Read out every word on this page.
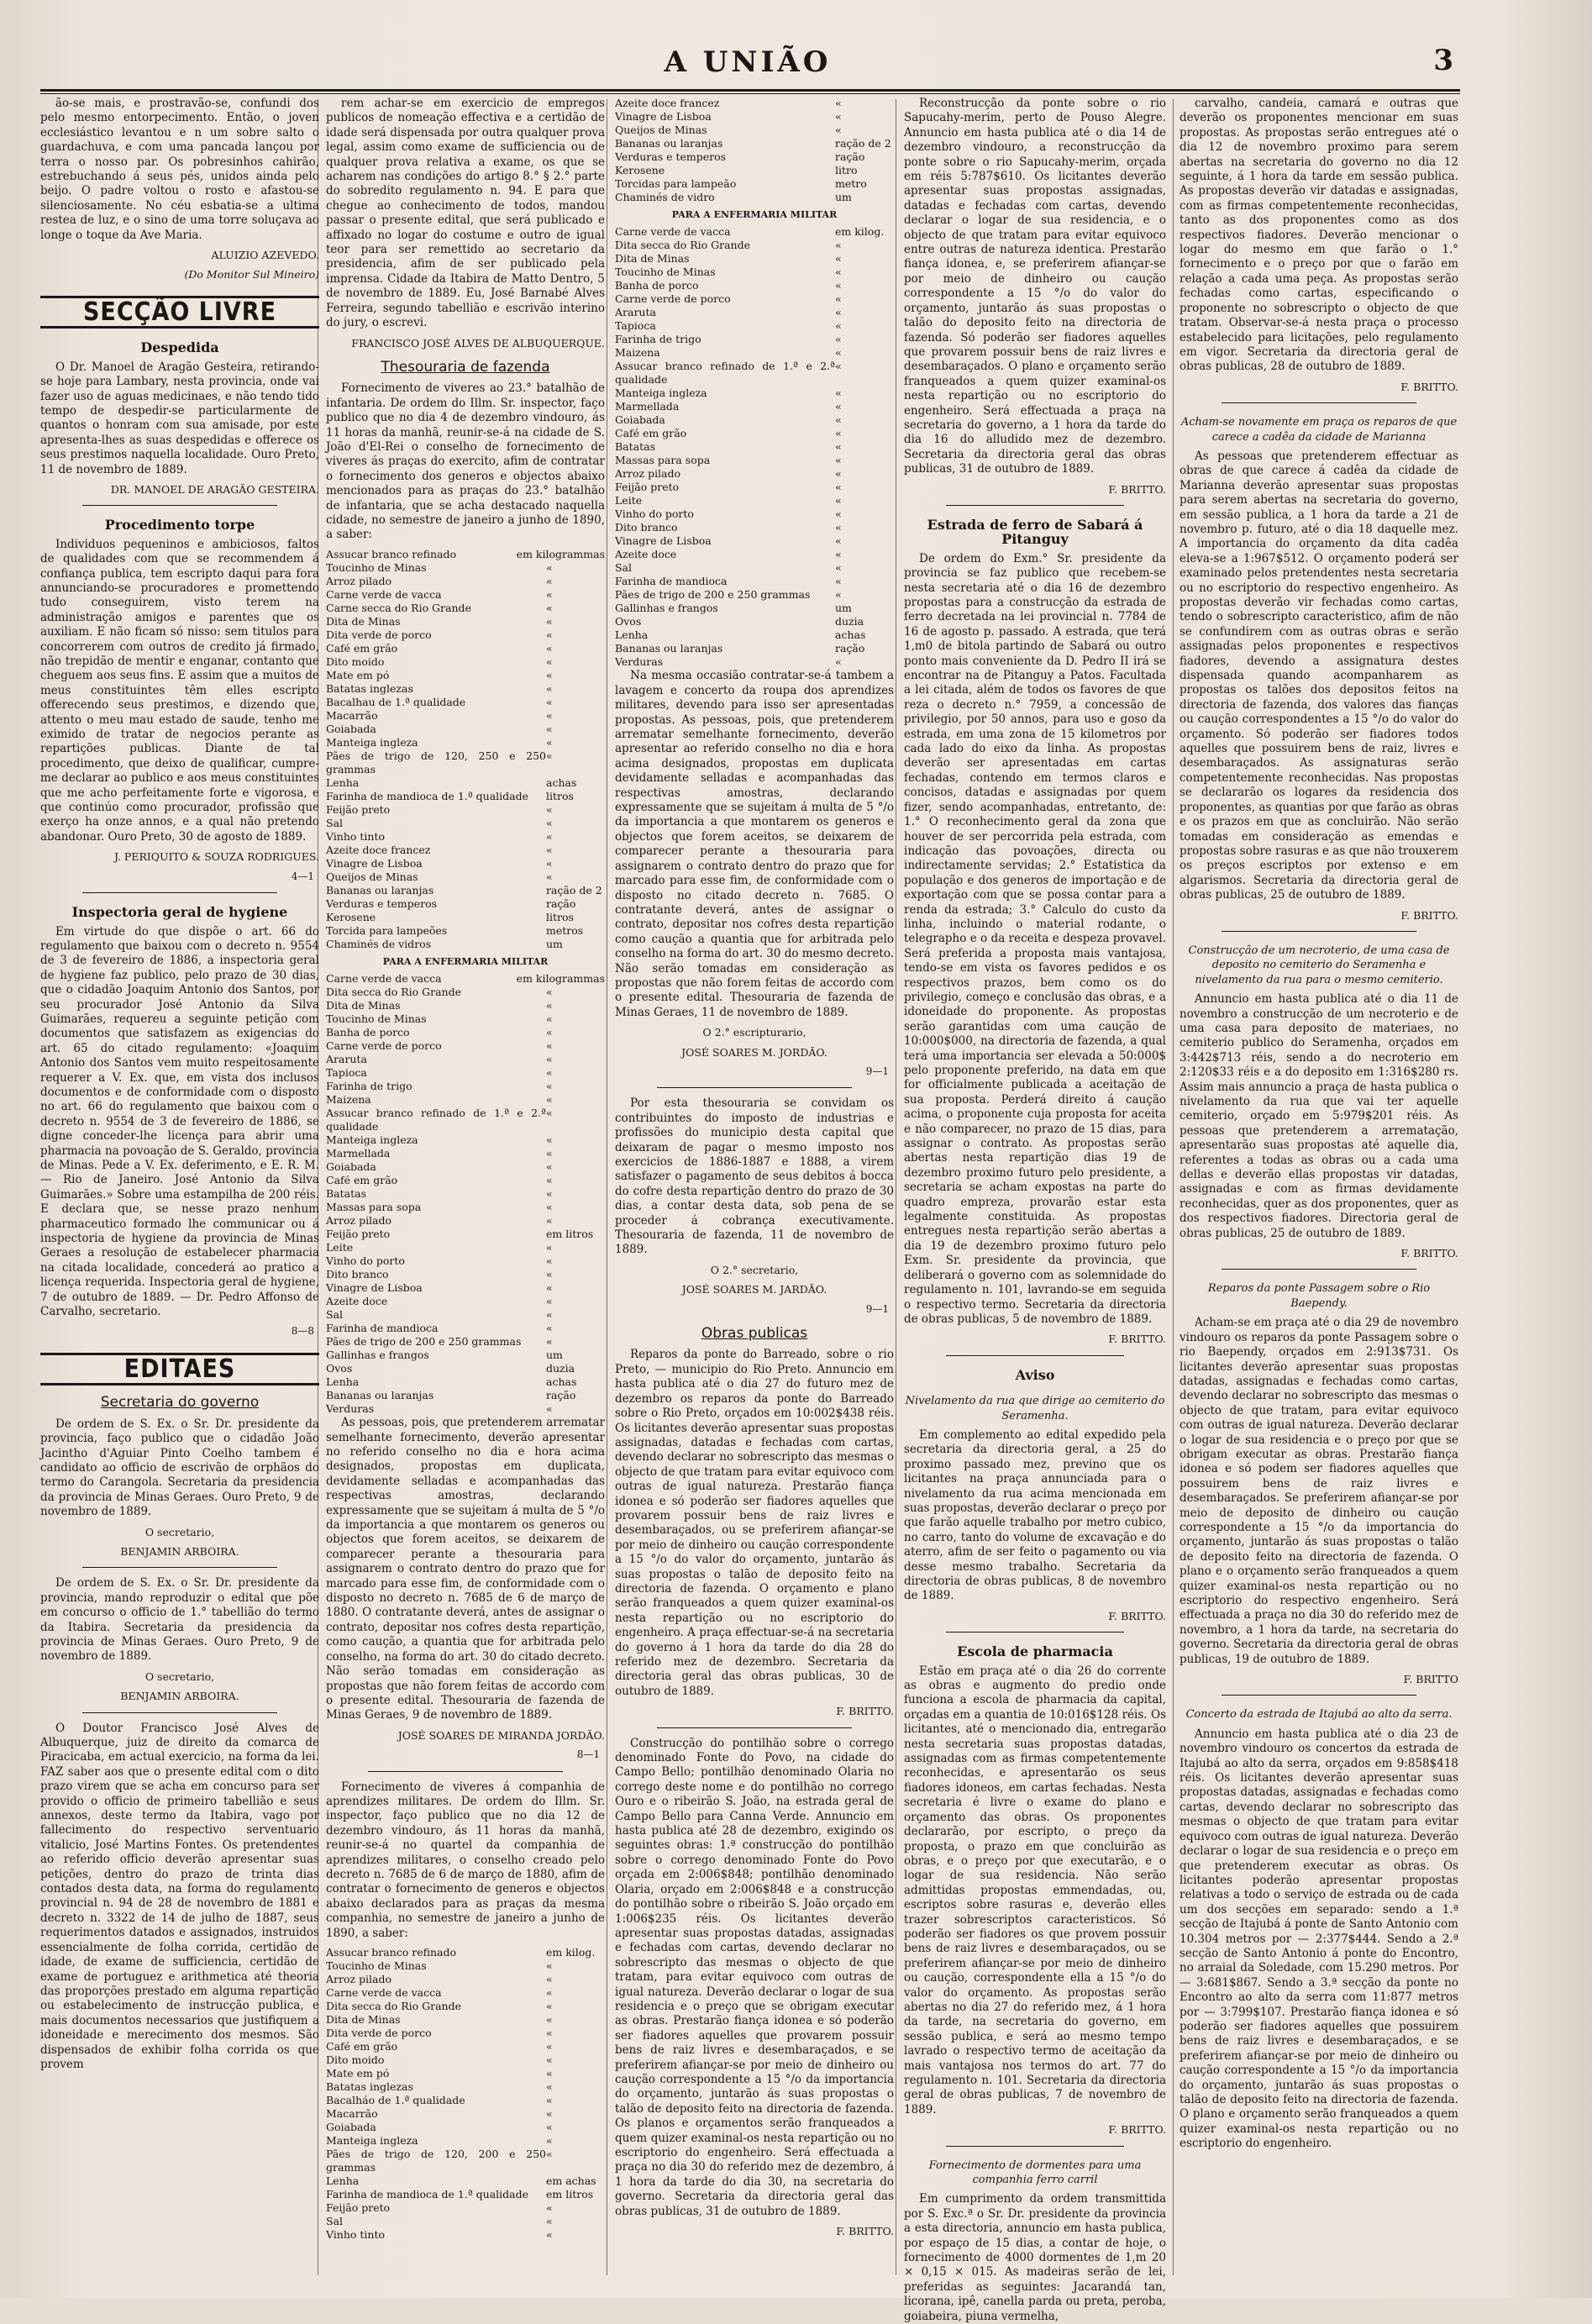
A UNIÃO	3

ão-se mais, e prostravão-se, confundi dos pelo mesmo entorpecimento. Então, o joven ecclesiástico levantou e n um sobre salto o guardachuva, e com uma pancada lançou por terra o nosso par. Os pobresinhos cahirão, estrebuchando á seus pés, unidos ainda pelo beijo. O padre voltou o rosto e afastou-se silenciosamente. No céu esbatia-se a ultima restea de luz, e o sino de uma torre soluçava ao longe o toque da Ave Maria.

ALUIZIO AZEVEDO.
(Do Monitor Sul Mineiro)
SECÇÃO LIVRE
Despedida

O Dr. Manoel de Aragão Gesteira, retirando-se hoje para Lambary, nesta provincia, onde vai fazer uso de aguas medicinaes, e não tendo tido tempo de despedir-se particularmente de quantos o honram com sua amisade, por este apresenta-lhes as suas despedidas e offerece os seus prestimos naquella localidade. Ouro Preto, 11 de novembro de 1889.

DR. MANOEL DE ARAGÃO GESTEIRA.
Procedimento torpe

Individuos pequeninos e ambiciosos, faltos de qualidades com que se recommendem á confiança publica, tem escripto daqui para fora annunciando-se procuradores e promettendo tudo conseguirem, visto terem na administração amigos e parentes que os auxiliam. E não ficam só nisso: sem titulos para concorrerem com outros de credito já firmado, não trepidão de mentir e enganar, contanto que cheguem aos seus fins. E assim que a muitos de meus constituintes têm elles escripto offerecendo seus prestimos, e dizendo que, attento o meu mau estado de saude, tenho me eximido de tratar de negocios perante as repartições publicas. Diante de tal procedimento, que deixo de qualificar, cumpre-me declarar ao publico e aos meus constituintes que me acho perfeitamente forte e vigorosa, e que continúo como procurador, profissão que exerço ha onze annos, e a qual não pretendo abandonar. Ouro Preto, 30 de agosto de 1889.

J. PERIQUITO & SOUZA RODRIGUES.
4—1
Inspectoria geral de hygiene

Em virtude do que dispõe o art. 66 do regulamento que baixou com o decreto n. 9554 de 3 de fevereiro de 1886, a inspectoria geral de hygiene faz publico, pelo prazo de 30 dias, que o cidadão Joaquim Antonio dos Santos, por seu procurador José Antonio da Silva Guimarães, requereu a seguinte petição com documentos que satisfazem as exigencias do art. 65 do citado regulamento: «Joaquim Antonio dos Santos vem muito respeitosamente requerer a V. Ex. que, em vista dos inclusos documentos e de conformidade com o disposto no art. 66 do regulamento que baixou com o decreto n. 9554 de 3 de fevereiro de 1886, se digne conceder-lhe licença para abrir uma pharmacia na povoação de S. Geraldo, provincia de Minas. Pede a V. Ex. deferimento, e E. R. M. — Rio de Janeiro. José Antonio da Silva Guimarães.» Sobre uma estampilha de 200 réis. E declara que, se nesse prazo nenhum pharmaceutico formado lhe communicar ou á inspectoria de hygiene da provincia de Minas Geraes a resolução de estabelecer pharmacia na citada localidade, concederá ao pratico a licença requerida. Inspectoria geral de hygiene, 7 de outubro de 1889. — Dr. Pedro Affonso de Carvalho, secretario.

8—8
EDITAES
Secretaria do governo

De ordem de S. Ex. o Sr. Dr. presidente da provincia, faço publico que o cidadão João Jacintho d'Aguiar Pinto Coelho tambem é candidato ao officio de escrivão de orphãos do termo do Carangola. Secretaria da presidencia da provincia de Minas Geraes. Ouro Preto, 9 de novembro de 1889.

O secretario,
BENJAMIN ARBOIRA.

De ordem de S. Ex. o Sr. Dr. presidente da provincia, mando reproduzir o edital que põe em concurso o officio de 1.° tabellião do termo da Itabira. Secretaria da presidencia da provincia de Minas Geraes. Ouro Preto, 9 de novembro de 1889.

O secretario,
BENJAMIN ARBOIRA.

O Doutor Francisco José Alves de Albuquerque, juiz de direito da comarca de Piracicaba, em actual exercicio, na forma da lei. FAZ saber aos que o presente edital com o dito prazo virem que se acha em concurso para ser provido o officio de primeiro tabellião e seus annexos, deste termo da Itabira, vago por fallecimento do respectivo serventuario vitalicio, José Martins Fontes. Os pretendentes ao referido officio deverão apresentar suas petições, dentro do prazo de trinta dias contados desta data, na forma do regulamento provincial n. 94 de 28 de novembro de 1881 e decreto n. 3322 de 14 de julho de 1887, seus requerimentos datados e assignados, instruidos essencialmente de folha corrida, certidão de idade, de exame de sufficiencia, certidão de exame de portuguez e arithmetica até theoria das proporções prestado em alguma repartição ou estabelecimento de instrucção publica, e mais documentos necessarios que justifiquem a idoneidade e merecimento dos mesmos. São dispensados de exhibir folha corrida os que provem

rem achar-se em exercicio de empregos publicos de nomeação effectiva e a certidão de idade será dispensada por outra qualquer prova legal, assim como exame de sufficiencia ou de qualquer prova relativa a exame, os que se acharem nas condições do artigo 8.° § 2.° parte do sobredito regulamento n. 94. E para que chegue ao conhecimento de todos, mandou passar o presente edital, que será publicado e affixado no logar do costume e outro de igual teor para ser remettido ao secretario da presidencia, afim de ser publicado pela imprensa. Cidade da Itabira de Matto Dentro, 5 de novembro de 1889. Eu, José Barnabé Alves Ferreira, segundo tabellião e escrivão interino do jury, o escrevi.

FRANCISCO JOSÉ ALVES DE ALBUQUERQUE.
Thesouraria de fazenda

Fornecimento de viveres ao 23.° batalhão de infantaria. De ordem do Illm. Sr. inspector, faço publico que no dia 4 de dezembro vindouro, ás 11 horas da manhã, reunir-se-á na cidade de S. João d'El-Rei o conselho de fornecimento de viveres ás praças do exercito, afim de contratar o fornecimento dos generos e objectos abaixo mencionados para as praças do 23.° batalhão de infantaria, que se acha destacado naquella cidade, no semestre de janeiro a junho de 1890, a saber:

Assucar branco refinado	em kilogrammas
Toucinho de Minas	«
Arroz pilado	«
Carne verde de vacca	«
Carne secca do Rio Grande	«
Dita de Minas	«
Dita verde de porco	«
Café em grão	«
Dito moido	«
Mate em pó	«
Batatas inglezas	«
Bacalhau de 1.ª qualidade	«
Macarrão	«
Goiabada	«
Manteiga ingleza	«
Pães de trigo de 120, 250 e 250 grammas
«
Lenha	achas
Farinha de mandioca de 1.ª qualidade litros
Feijão preto	«
Sal	«
Vinho tinto	«
Azeite doce francez	«
Vinagre de Lisboa	«
Queijos de Minas	«
Bananas ou laranjas	ração de 2
Verduras e temperos	ração
Kerosene	litros
Torcida para lampeões	metros
Chaminés de vidros	um
PARA A ENFERMARIA MILITAR
Carne verde de vacca	em kilogrammas
Dita secca do Rio Grande	«
Dita de Minas	«
Toucinho de Minas	«
Banha de porco	«
Carne verde de porco	«
Araruta	«
Tapioca	«
Farinha de trigo	«
Maizena	«
Assucar branco refinado de 1.ª e 2.ª qualidade
«
Manteiga ingleza	«
Marmellada	«
Goiabada	«
Café em grão	«
Batatas	«
Massas para sopa	«
Arroz pilado	«
Feijão preto	em litros
Leite	«
Vinho do porto	«
Dito branco	«
Vinagre de Lisboa	«
Azeite doce	«
Sal	«
Farinha de mandioca	«
Pães de trigo de 200 e 250 grammas «
Gallinhas e frangos	um
Ovos	duzia
Lenha	achas
Bananas ou laranjas	ração
Verduras	«

As pessoas, pois, que pretenderem arrematar semelhante fornecimento, deverão apresentar no referido conselho no dia e hora acima designados, propostas em duplicata, devidamente selladas e acompanhadas das respectivas amostras, declarando expressamente que se sujeitam á multa de 5 °/o da importancia a que montarem os generos ou objectos que forem aceitos, se deixarem de comparecer perante a thesouraria para assignarem o contrato dentro do prazo que for marcado para esse fim, de conformidade com o disposto no decreto n. 7685 de 6 de março de 1880. O contratante deverá, antes de assignar o contrato, depositar nos cofres desta repartição, como caução, a quantia que for arbitrada pelo conselho, na forma do art. 30 do citado decreto. Não serão tomadas em consideração as propostas que não forem feitas de accordo com o presente edital. Thesouraria de fazenda de Minas Geraes, 9 de novembro de 1889.

JOSÉ SOARES DE MIRANDA JORDÃO.
8—1

Fornecimento de viveres á companhia de aprendizes militares. De ordem do Illm. Sr. inspector, faço publico que no dia 12 de dezembro vindouro, ás 11 horas da manhã, reunir-se-á no quartel da companhia de aprendizes militares, o conselho creado pelo decreto n. 7685 de 6 de março de 1880, afim de contratar o fornecimento de generos e objectos abaixo declarados para as praças da mesma companhia, no semestre de janeiro a junho de 1890, a saber:

Assucar branco refinado	em kilog.
Toucinho de Minas	«
Arroz pilado	«
Carne verde de vacca	«
Dita secca do Rio Grande	«
Dita de Minas	«
Dita verde de porco	«
Café em grão	«
Dito moido	«
Mate em pó	«
Batatas inglezas	«
Bacalháo de 1.ª qualidade	«
Macarrão	«
Goiabada	«
Manteiga ingleza	«
Pães de trigo de 120, 200 e 250 grammas
«
Lenha	em achas
Farinha de mandioca de 1.ª qualidade em litros
Feijão preto	«
Sal	«
Vinho tinto	«
Azeite doce francez	«
Vinagre de Lisboa	«
Queijos de Minas	«
Bananas ou laranjas	ração de 2
Verduras e temperos	ração
Kerosene	litro
Torcidas para lampeão	metro
Chaminés de vidro	um
PARA A ENFERMARIA MILITAR
Carne verde de vacca	em kilog.
Dita secca do Rio Grande	«
Dita de Minas	«
Toucinho de Minas	«
Banha de porco	«
Carne verde de porco	«
Araruta	«
Tapioca	«
Farinha de trigo	«
Maizena	«
Assucar branco refinado de 1.ª e 2.ª qualidade
«
Manteiga ingleza	«
Marmellada	«
Goiabada	«
Café em grão	«
Batatas	«
Massas para sopa	«
Arroz pilado	«
Feijão preto	«
Leite	«
Vinho do porto	«
Dito branco	«
Vinagre de Lisboa	«
Azeite doce	«
Sal	«
Farinha de mandioca	«
Pães de trigo de 200 e 250 grammas «
Gallinhas e frangos	um
Ovos	duzia
Lenha	achas
Bananas ou laranjas	ração
Verduras	«

Na mesma occasião contratar-se-á tambem a lavagem e concerto da roupa dos aprendizes militares, devendo para isso ser apresentadas propostas. As pessoas, pois, que pretenderem arrematar semelhante fornecimento, deverão apresentar ao referido conselho no dia e hora acima designados, propostas em duplicata devidamente selladas e acompanhadas das respectivas amostras, declarando expressamente que se sujeitam á multa de 5 °/o da importancia a que montarem os generos e objectos que forem aceitos, se deixarem de comparecer perante a thesouraria para assignarem o contrato dentro do prazo que for marcado para esse fim, de conformidade com o disposto no citado decreto n. 7685. O contratante deverá, antes de assignar o contrato, depositar nos cofres desta repartição como caução a quantia que for arbitrada pelo conselho na forma do art. 30 do mesmo decreto. Não serão tomadas em consideração as propostas que não forem feitas de accordo com o presente edital. Thesouraria de fazenda de Minas Geraes, 11 de novembro de 1889.

O 2.° escripturario,
JOSÉ SOARES M. JORDÃO.
9—1

Por esta thesouraria se convidam os contribuintes do imposto de industrias e profissões do municipio desta capital que deixaram de pagar o mesmo imposto nos exercicios de 1886-1887 e 1888, a virem satisfazer o pagamento de seus debitos á bocca do cofre desta repartição dentro do prazo de 30 dias, a contar desta data, sob pena de se proceder á cobrança executivamente. Thesouraria de fazenda, 11 de novembro de 1889.

O 2.° secretario,
JOSÉ SOARES M. JARDÃO.
9—1
Obras publicas

Reparos da ponte do Barreado, sobre o rio Preto, — municipio do Rio Preto. Annuncio em hasta publica até o dia 27 do futuro mez de dezembro os reparos da ponte do Barreado sobre o Rio Preto, orçados em 10:002$438 réis. Os licitantes deverão apresentar suas propostas assignadas, datadas e fechadas com cartas, devendo declarar no sobrescripto das mesmas o objecto de que tratam para evitar equivoco com outras de igual natureza. Prestarão fiança idonea e só poderão ser fiadores aquelles que provarem possuir bens de raiz livres e desembaraçados, ou se preferirem afiançar-se por meio de dinheiro ou caução correspondente a 15 °/o do valor do orçamento, juntarão ás suas propostas o talão de deposito feito na directoria de fazenda. O orçamento e plano serão franqueados a quem quizer examinal-os nesta repartição ou no escriptorio do engenheiro. A praça effectuar-se-á na secretaria do governo á 1 hora da tarde do dia 28 do referido mez de dezembro. Secretaria da directoria geral das obras publicas, 30 de outubro de 1889.

F. BRITTO.

Construcção do pontilhão sobre o corrego denominado Fonte do Povo, na cidade do Campo Bello; pontilhão denominado Olaria no corrego deste nome e do pontilhão no corrego Ouro e o ribeirão S. João, na estrada geral de Campo Bello para Canna Verde. Annuncio em hasta publica até 28 de dezembro, exigindo os seguintes obras: 1.ª construcção do pontilhão sobre o corrego denominado Fonte do Povo orçada em 2:006$848; pontilhão denominado Olaria, orçado em 2:006$848 e a construcção do pontilhão sobre o ribeirão S. João orçado em 1:006$235 réis. Os licitantes deverão apresentar suas propostas datadas, assignadas e fechadas com cartas, devendo declarar no sobrescripto das mesmas o objecto de que tratam, para evitar equivoco com outras de igual natureza. Deverão declarar o logar de sua residencia e o preço que se obrigam executar as obras. Prestarão fiança idonea e só poderão ser fiadores aquelles que provarem possuir bens de raiz livres e desembaraçados, e se preferirem afiançar-se por meio de dinheiro ou caução correspondente a 15 °/o da importancia do orçamento, juntarão ás suas propostas o talão de deposito feito na directoria de fazenda. Os planos e orçamentos serão franqueados a quem quizer examinal-os nesta repartição ou no escriptorio do engenheiro. Será effectuada a praça no dia 30 do referido mez de dezembro, á 1 hora da tarde do dia 30, na secretaria do governo. Secretaria da directoria geral das obras publicas, 31 de outubro de 1889.

F. BRITTO.

Reconstrucção da ponte sobre o rio Sapucahy-merim, perto de Pouso Alegre. Annuncio em hasta publica até o dia 14 de dezembro vindouro, a reconstrucção da ponte sobre o rio Sapucahy-merim, orçada em réis 5:787$610. Os licitantes deverão apresentar suas propostas assignadas, datadas e fechadas com cartas, devendo declarar o logar de sua residencia, e o objecto de que tratam para evitar equivoco entre outras de natureza identica. Prestarão fiança idonea, e, se preferirem afiançar-se por meio de dinheiro ou caução correspondente a 15 °/o do valor do orçamento, juntarão ás suas propostas o talão do deposito feito na directoria de fazenda. Só poderão ser fiadores aquelles que provarem possuir bens de raiz livres e desembaraçados. O plano e orçamento serão franqueados a quem quizer examinal-os nesta repartição ou no escriptorio do engenheiro. Será effectuada a praça na secretaria do governo, a 1 hora da tarde do dia 16 do alludido mez de dezembro. Secretaria da directoria geral das obras publicas, 31 de outubro de 1889.

F. BRITTO.
Estrada de ferro de Sabará á Pitanguy

De ordem do Exm.° Sr. presidente da provincia se faz publico que recebem-se nesta secretaria até o dia 16 de dezembro propostas para a construcção da estrada de ferro decretada na lei provincial n. 7784 de 16 de agosto p. passado. A estrada, que terá 1,m0 de bitola partindo de Sabará ou outro ponto mais conveniente da D. Pedro II irá se encontrar na de Pitanguy a Patos. Facultada a lei citada, além de todos os favores de que reza o decreto n.° 7959, a concessão de privilegio, por 50 annos, para uso e goso da estrada, em uma zona de 15 kilometros por cada lado do eixo da linha. As propostas deverão ser apresentadas em cartas fechadas, contendo em termos claros e concisos, datadas e assignadas por quem fizer, sendo acompanhadas, entretanto, de: 1.° O reconhecimento geral da zona que houver de ser percorrida pela estrada, com indicação das povoações, directa ou indirectamente servidas; 2.° Estatistica da população e dos generos de importação e de exportação com que se possa contar para a renda da estrada; 3.° Calculo do custo da linha, incluindo o material rodante, o telegrapho e o da receita e despeza provavel. Será preferida a proposta mais vantajosa, tendo-se em vista os favores pedidos e os respectivos prazos, bem como os do privilegio, começo e conclusão das obras, e a idoneidade do proponente. As propostas serão garantidas com uma caução de 10:000$000, na directoria de fazenda, a qual terá uma importancia ser elevada a 50:000$ pelo proponente preferido, na data em que for officialmente publicada a aceitação de sua proposta. Perderá direito á caução acima, o proponente cuja proposta for aceita e não comparecer, no prazo de 15 dias, para assignar o contrato. As propostas serão abertas nesta repartição dias 19 de dezembro proximo futuro pelo presidente, a secretaria se acham expostas na parte do quadro empreza, provarão estar esta legalmente constituida. As propostas entregues nesta repartição serão abertas a dia 19 de dezembro proximo futuro pelo Exm. Sr. presidente da provincia, que deliberará o governo com as solemnidade do regulamento n. 101, lavrando-se em seguida o respectivo termo. Secretaria da directoria de obras publicas, 5 de novembro de 1889.

F. BRITTO.
Aviso
Nivelamento da rua que dirige ao cemiterio do Seramenha.

Em complemento ao edital expedido pela secretaria da directoria geral, a 25 do proximo passado mez, previno que os licitantes na praça annunciada para o nivelamento da rua acima mencionada em suas propostas, deverão declarar o preço por que farão aquelle trabalho por metro cubico, no carro, tanto do volume de excavação e do aterro, afim de ser feito o pagamento ou via desse mesmo trabalho. Secretaria da directoria de obras publicas, 8 de novembro de 1889.

F. BRITTO.
Escola de pharmacia

Estão em praça até o dia 26 do corrente as obras e augmento do predio onde funciona a escola de pharmacia da capital, orçadas em a quantia de 10:016$128 réis. Os licitantes, até o mencionado dia, entregarão nesta secretaria suas propostas datadas, assignadas com as firmas competentemente reconhecidas, e apresentarão os seus fiadores idoneos, em cartas fechadas. Nesta secretaria é livre o exame do plano e orçamento das obras. Os proponentes declararão, por escripto, o preço da proposta, o prazo em que concluirão as obras, e o preço por que executarão, e o logar de sua residencia. Não serão admittidas propostas emmendadas, ou, escriptos sobre rasuras e, deverão elles trazer sobrescriptos caracteristicos. Só poderão ser fiadores os que provem possuir bens de raiz livres e desembaraçados, ou se preferirem afiançar-se por meio de dinheiro ou caução, correspondente ella a 15 °/o do valor do orçamento. As propostas serão abertas no dia 27 do referido mez, á 1 hora da tarde, na secretaria do governo, em sessão publica, e será ao mesmo tempo lavrado o respectivo termo de aceitação da mais vantajosa nos termos do art. 77 do regulamento n. 101. Secretaria da directoria geral de obras publicas, 7 de novembro de 1889.

F. BRITTO.
Fornecimento de dormentes para uma companhia ferro carril

Em cumprimento da ordem transmittida por S. Exc.ª o Sr. Dr. presidente da provincia a esta directoria, annuncio em hasta publica, por espaço de 15 dias, a contar de hoje, o fornecimento de 4000 dormentes de 1,m 20 × 0,15 × 015. As madeiras serão de lei, preferidas as seguintes: Jacarandá tan, licorana, ipê, canella parda ou preta, peroba, goiabeira, piuna vermelha,

carvalho, candeia, camará e outras que deverão os proponentes mencionar em suas propostas. As propostas serão entregues até o dia 12 de novembro proximo para serem abertas na secretaria do governo no dia 12 seguinte, á 1 hora da tarde em sessão publica. As propostas deverão vir datadas e assignadas, com as firmas competentemente reconhecidas, tanto as dos proponentes como as dos respectivos fiadores. Deverão mencionar o logar do mesmo em que farão o 1.° fornecimento e o preço por que o farão em relação a cada uma peça. As propostas serão fechadas como cartas, especificando o proponente no sobrescripto o objecto de que tratam. Observar-se-á nesta praça o processo estabelecido para licitações, pelo regulamento em vigor. Secretaria da directoria geral de obras publicas, 28 de outubro de 1889.

F. BRITTO.
Acham-se novamente em praça os reparos de que carece a cadêa da cidade de Marianna

As pessoas que pretenderem effectuar as obras de que carece á cadêa da cidade de Marianna deverão apresentar suas propostas para serem abertas na secretaria do governo, em sessão publica, a 1 hora da tarde a 21 de novembro p. futuro, até o dia 18 daquelle mez. A importancia do orçamento da dita cadêa eleva-se a 1:967$512. O orçamento poderá ser examinado pelos pretendentes nesta secretaria ou no escriptorio do respectivo engenheiro. As propostas deverão vir fechadas como cartas, tendo o sobrescripto caracteristico, afim de não se confundirem com as outras obras e serão assignadas pelos proponentes e respectivos fiadores, devendo a assignatura destes dispensada quando acompanharem as propostas os talões dos depositos feitos na directoria de fazenda, dos valores das fianças ou caução correspondentes a 15 °/o do valor do orçamento. Só poderão ser fiadores todos aquelles que possuirem bens de raiz, livres e desembaraçados. As assignaturas serão competentemente reconhecidas. Nas propostas se declararão os logares da residencia dos proponentes, as quantias por que farão as obras e os prazos em que as concluirão. Não serão tomadas em consideração as emendas e propostas sobre rasuras e as que não trouxerem os preços escriptos por extenso e em algarismos. Secretaria da directoria geral de obras publicas, 25 de outubro de 1889.

F. BRITTO.
Construcção de um necroterio, de uma casa de deposito no cemiterio do Seramenha e nivelamento da rua para o mesmo cemiterio.

Annuncio em hasta publica até o dia 11 de novembro a construcção de um necroterio e de uma casa para deposito de materiaes, no cemiterio publico do Seramenha, orçados em 3:442$713 réis, sendo a do necroterio em 2:120$33 réis e a do deposito em 1:316$280 rs. Assim mais annuncio a praça de hasta publica o nivelamento da rua que vai ter aquelle cemiterio, orçado em 5:979$201 réis. As pessoas que pretenderem a arrematação, apresentarão suas propostas até aquelle dia, referentes a todas as obras ou a cada uma dellas e deverão ellas propostas vir datadas, assignadas e com as firmas devidamente reconhecidas, quer as dos proponentes, quer as dos respectivos fiadores. Directoria geral de obras publicas, 25 de outubro de 1889.

F. BRITTO.
Reparos da ponte Passagem sobre o Rio Baependy.

Acham-se em praça até o dia 29 de novembro vindouro os reparos da ponte Passagem sobre o rio Baependy, orçados em 2:913$731. Os licitantes deverão apresentar suas propostas datadas, assignadas e fechadas como cartas, devendo declarar no sobrescripto das mesmas o objecto de que tratam, para evitar equivoco com outras de igual natureza. Deverão declarar o logar de sua residencia e o preço por que se obrigam executar as obras. Prestarão fiança idonea e só podem ser fiadores aquelles que possuirem bens de raiz livres e desembaraçados. Se preferirem afiançar-se por meio de deposito de dinheiro ou caução correspondente a 15 °/o da importancia do orçamento, juntarão ás suas propostas o talão de deposito feito na directoria de fazenda. O plano e o orçamento serão franqueados a quem quizer examinal-os nesta repartição ou no escriptorio do respectivo engenheiro. Será effectuada a praça no dia 30 do referido mez de novembro, a 1 hora da tarde, na secretaria do governo. Secretaria da directoria geral de obras publicas, 19 de outubro de 1889.

F. BRITTO
Concerto da estrada de Itajubá ao alto da serra.

Annuncio em hasta publica até o dia 23 de novembro vindouro os concertos da estrada de Itajubá ao alto da serra, orçados em 9:858$418 réis. Os licitantes deverão apresentar suas propostas datadas, assignadas e fechadas como cartas, devendo declarar no sobrescripto das mesmas o objecto de que tratam para evitar equivoco com outras de igual natureza. Deverão declarar o logar de sua residencia e o preço em que pretenderem executar as obras. Os licitantes poderão apresentar propostas relativas a todo o serviço de estrada ou de cada um dos secções em separado: sendo a 1.ª secção de Itajubá á ponte de Santo Antonio com 10.304 metros por — 2:377$444. Sendo a 2.ª secção de Santo Antonio á ponte do Encontro, no arraial da Soledade, com 15.290 metros. Por — 3:681$867. Sendo a 3.ª secção da ponte no Encontro ao alto da serra com 11:877 metros por — 3:799$107. Prestarão fiança idonea e só poderão ser fiadores aquelles que possuirem bens de raiz livres e desembaraçados, e se preferirem afiançar-se por meio de dinheiro ou caução correspondente a 15 °/o da importancia do orçamento, juntarão ás suas propostas o talão de deposito feito na directoria de fazenda. O plano e orçamento serão franqueados a quem quizer examinal-os nesta repartição ou no escriptorio do engenheiro.
